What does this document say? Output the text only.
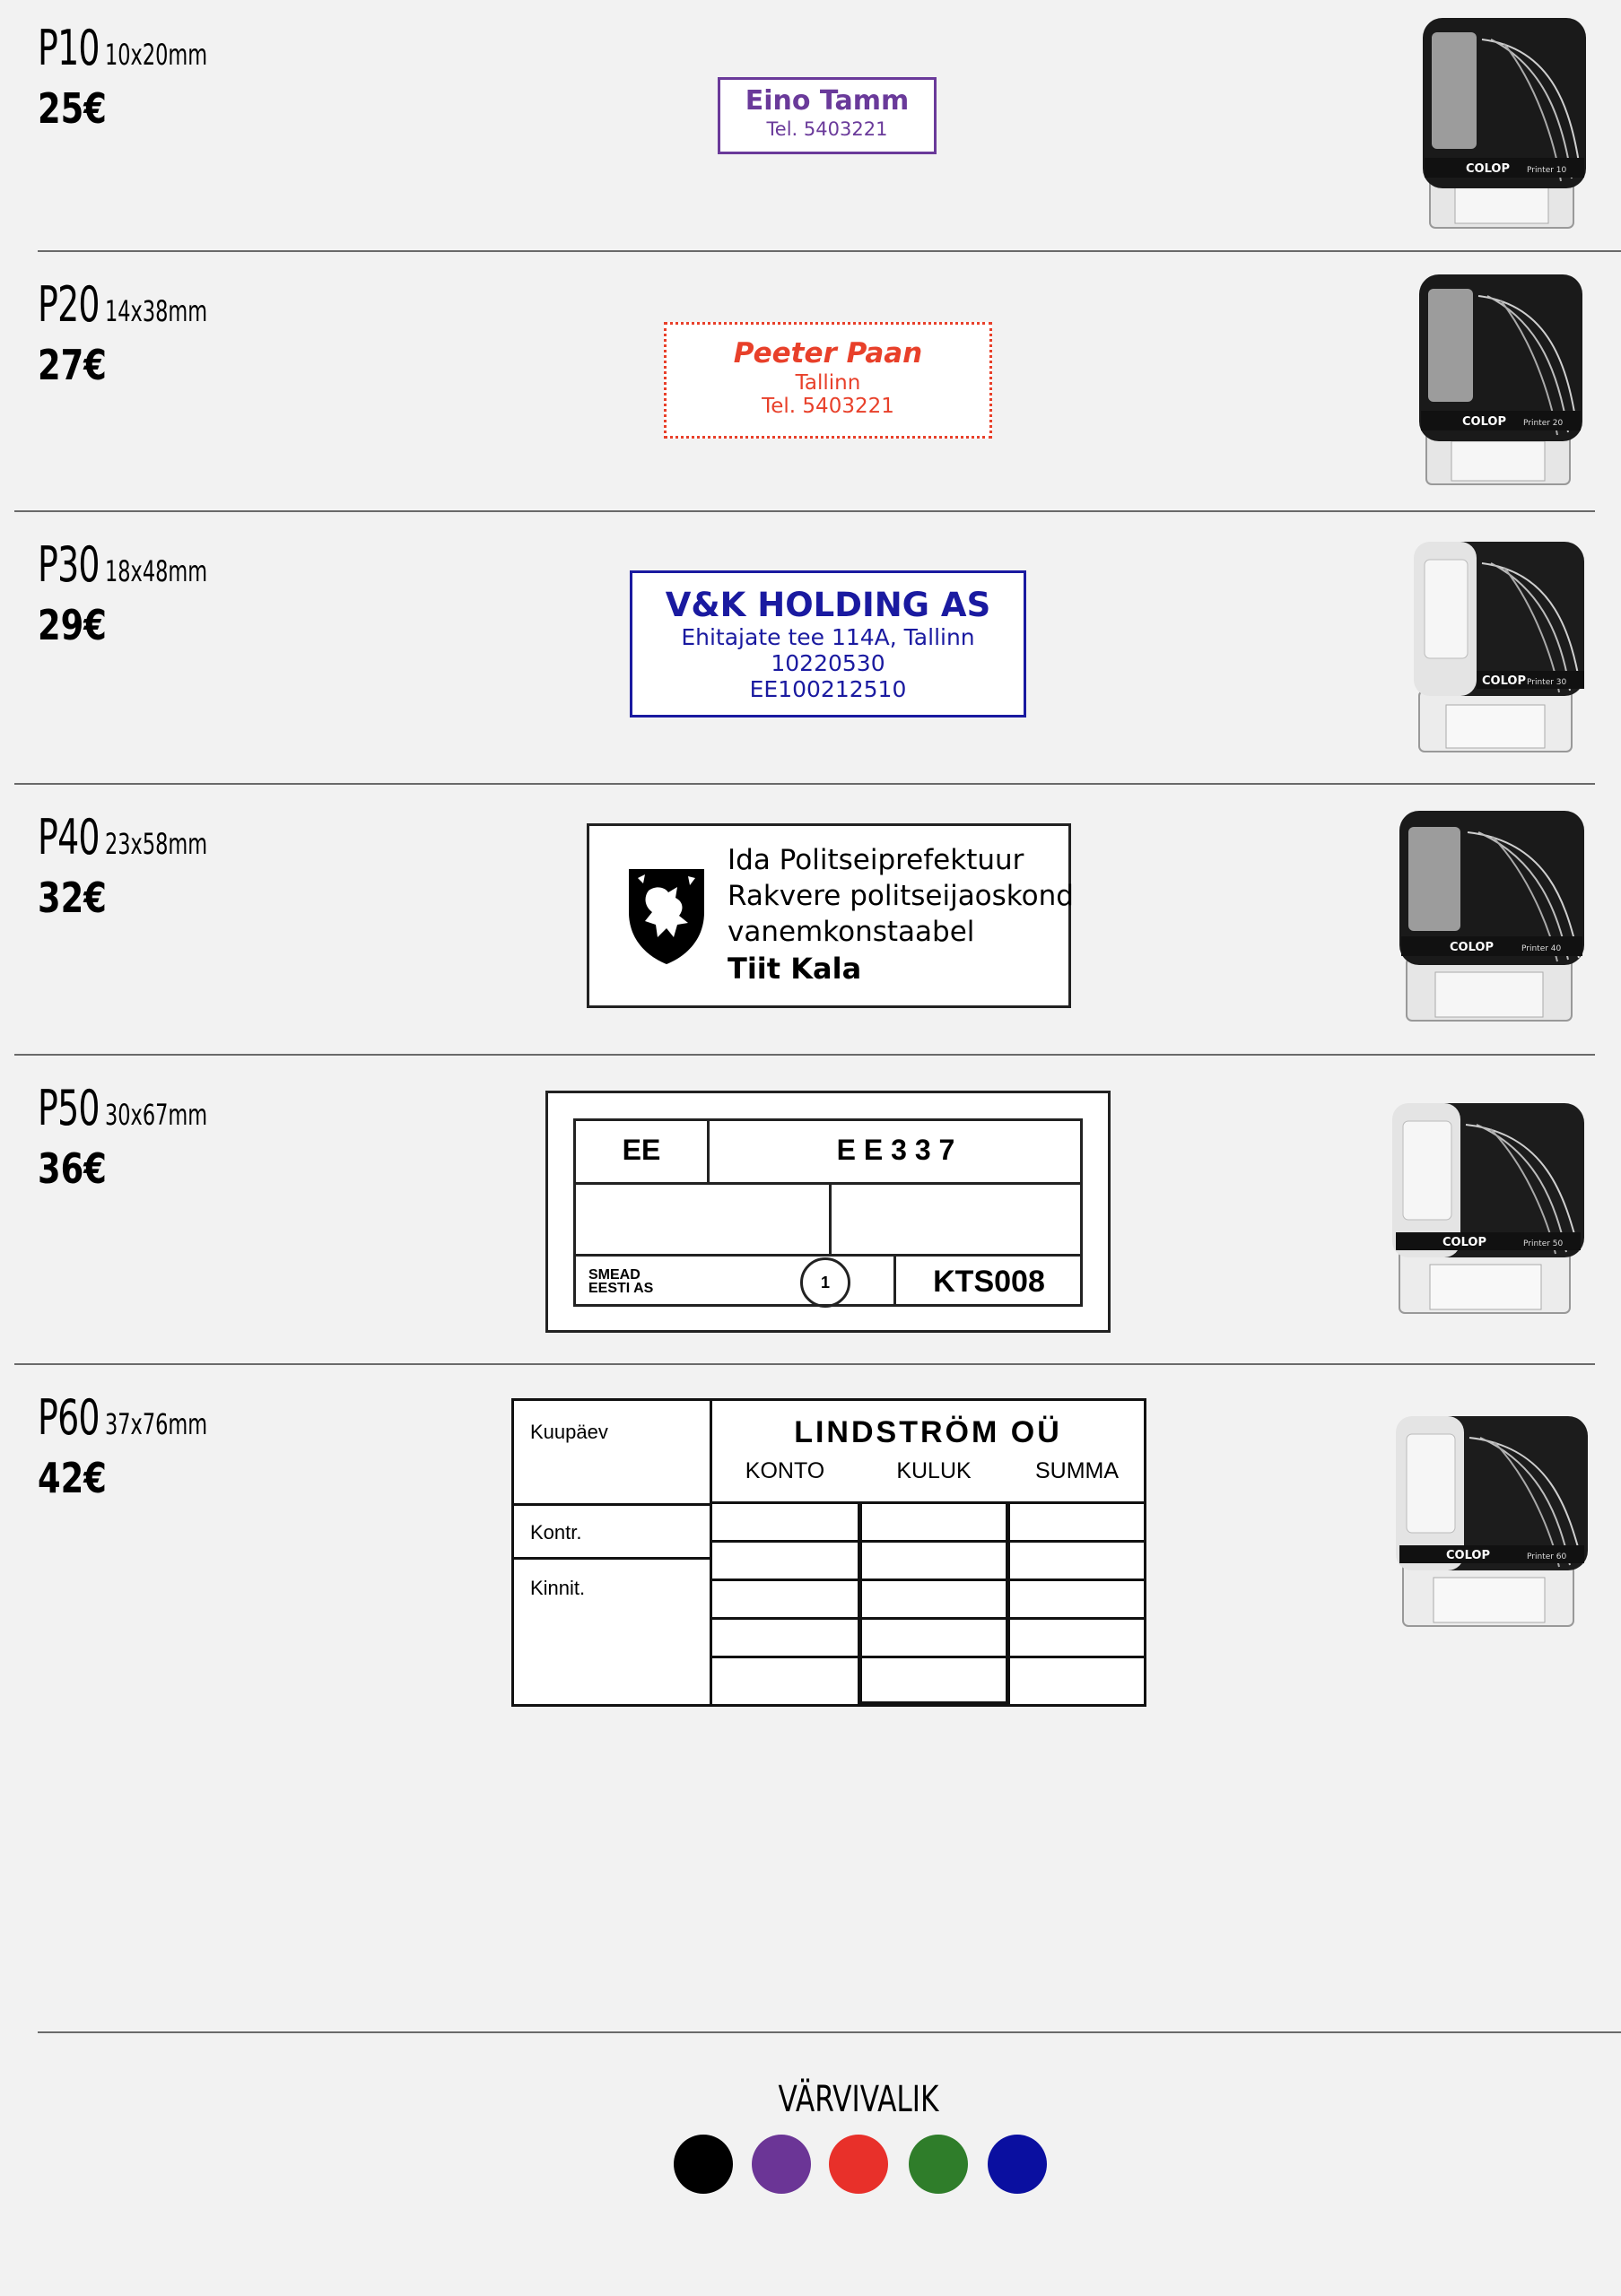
P10 10x20mm
25€	Eino Tamm
Tel. 5403221
COLOP Printer 10
P20 14x38mm
27€	Peeter Paan
Tallinn
Tel. 5403221
COLOP Printer 20
P30 18x48mm
29€	V&K HOLDING AS
Ehitajate tee 114A, Tallinn
10220530
EE100212510	COLOP Printer 30
P40 23x58mm
32€
Ida Politseiprefektuur
Rakvere politseijaoskond
vanemkonstaabel
Tiit Kala
COLOP	Printer 40
P50 30x67mm
36€	EE	E E 3 3 7
SMEAD
EESTI AS	1	KTS008
COLOP	Printer 50
P60 37x76mm
42€
Kuupäev
Kontr.
Kinnit.
LINDSTRÖM OÜ
KONTO	KULUK	SUMMA
COLOP	Printer 60
VÄRVIVALIK
